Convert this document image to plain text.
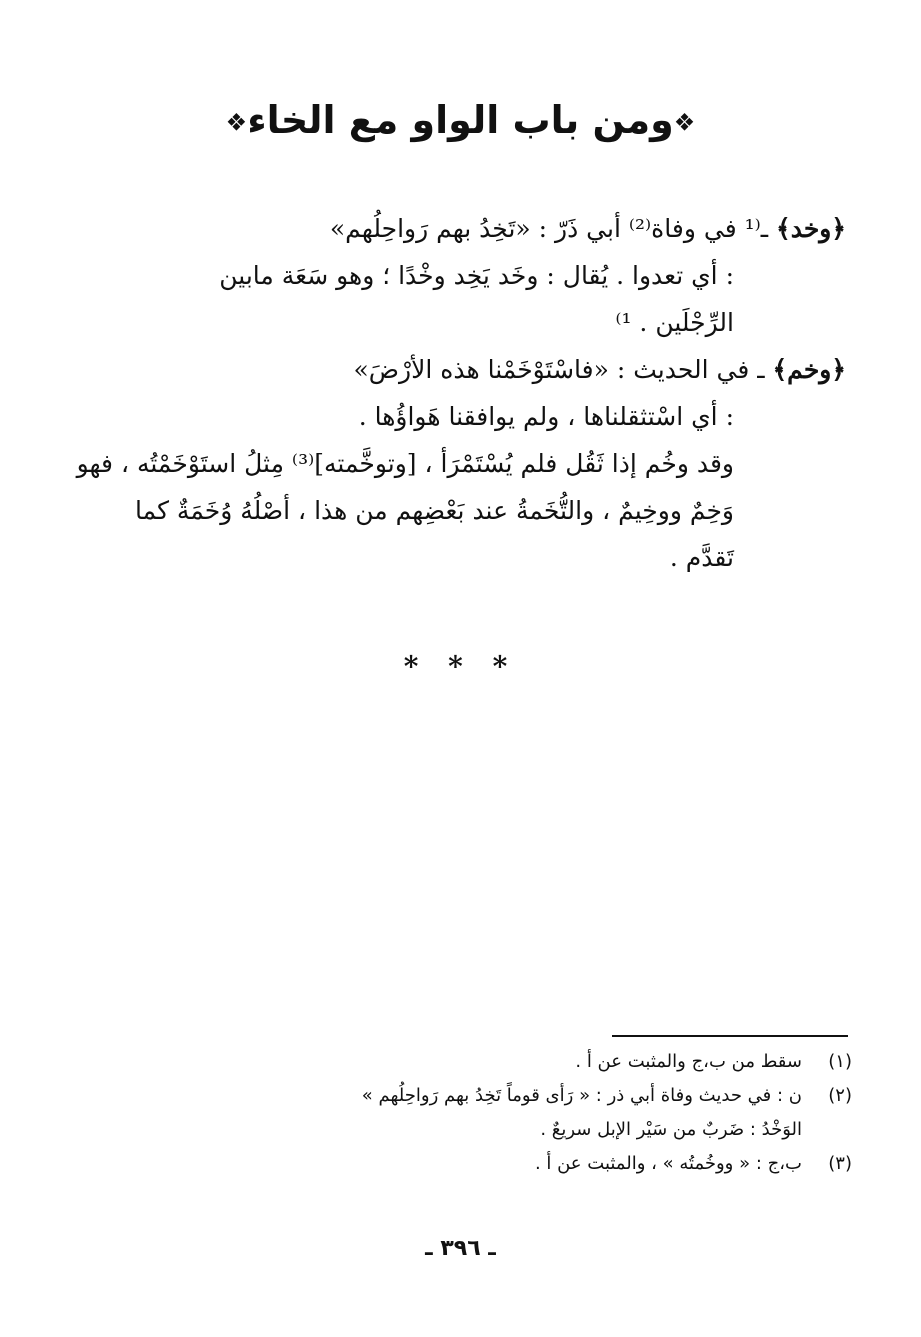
❖ومن باب الواو مع الخاء❖
﴿وخد﴾ ـ⁽¹ في وفاة⁽²⁾ أبي ذَرّ : «تَخِدُ بهم رَواحِلُهم»
: أي تعدوا . يُقال : وخَد يَخِد وخْدًا ؛ وهو سَعَة مابين
الرِّجْلَين . ¹⁾
﴿وخم﴾ ـ في الحديث : «فاسْتَوْخَمْنا هذه الأرْضَ»
: أي اسْتثقلناها ، ولم يوافقنا هَواؤُها .
وقد وخُم إذا ثَقُل فلم يُسْتَمْرَأ ، [وتوخَّمته]⁽³⁾ مِثلُ استَوْخَمْتُه ، فهو
وَخِمٌ ووخِيمٌ ، والتُّخَمةُ عند بَعْضِهم من هذا ، أصْلُهُ وُخَمَةٌ كما
تَقدَّم .
* * *
(١)
سقط من ب،ج والمثبت عن أ .
(٢)
ن : في حديث وفاة أبي ذر : « رَأى قوماً تَخِدُ بهم رَواحِلُهم »
الوَخْدُ : ضَربٌ من سَيْر الإبل سريعٌ .
(٣)
ب،ج : « ووخُمتُه » ، والمثبت عن أ .
ـ ٣٩٦ ـ
